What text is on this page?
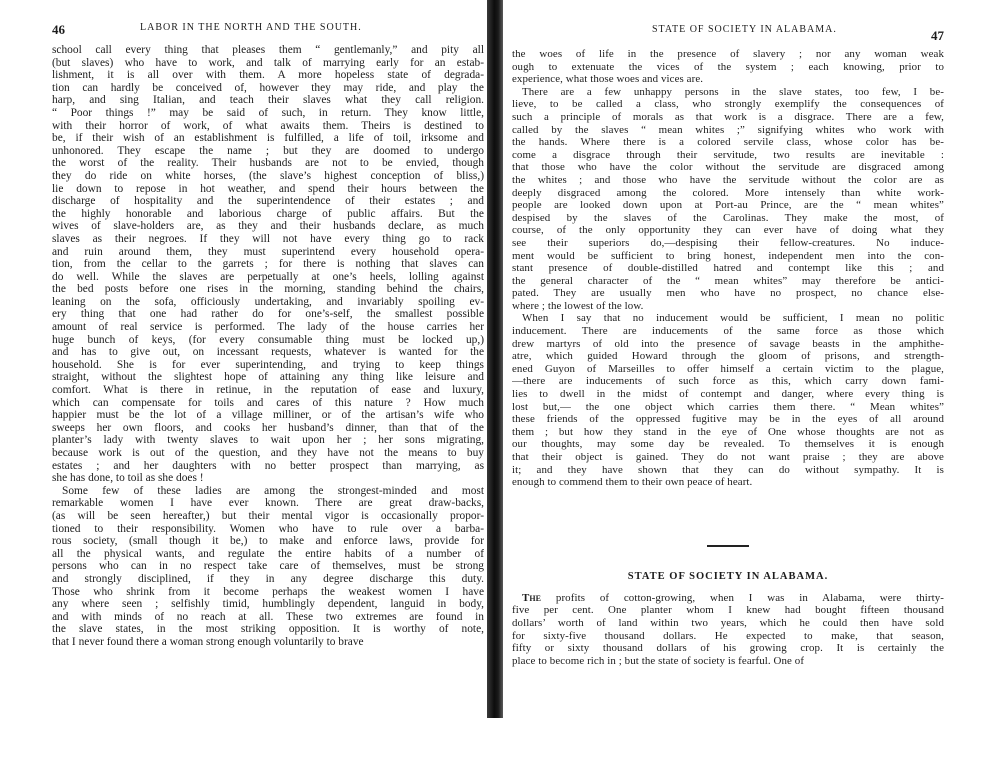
46	LABOR IN THE NORTH AND THE SOUTH.
school call every thing that pleases them “ gentlemanly,” and pity all
(but slaves) who have to work, and talk of marrying early for an estab-
lishment, it is all over with them. A more hopeless state of degrada-
tion can hardly be conceived of, however they may ride, and play the
harp, and sing Italian, and teach their slaves what they call religion.
“ Poor things !” may be said of such, in return. They know little,
with their horror of work, of what awaits them. Theirs is destined to
be, if their wish of an establishment is fulfilled, a life of toil, irksome and
unhonored. They escape the name ; but they are doomed to undergo
the worst of the reality. Their husbands are not to be envied, though
they do ride on white horses, (the slave’s highest conception of bliss,)
lie down to repose in hot weather, and spend their hours between the
discharge of hospitality and the superintendence of their estates ; and
the highly honorable and laborious charge of public affairs. But the
wives of slave-holders are, as they and their husbands declare, as much
slaves as their negroes. If they will not have every thing go to rack
and ruin around them, they must superintend every household opera-
tion, from the cellar to the garrets ; for there is nothing that slaves can
do well. While the slaves are perpetually at one’s heels, lolling against
the bed posts before one rises in the morning, standing behind the chairs,
leaning on the sofa, officiously undertaking, and invariably spoiling ev-
ery thing that one had rather do for one’s-self, the smallest possible
amount of real service is performed. The lady of the house carries her
huge bunch of keys, (for every consumable thing must be locked up,)
and has to give out, on incessant requests, whatever is wanted for the
household. She is for ever superintending, and trying to keep things
straight, without the slightest hope of attaining any thing like leisure and
comfort. What is there in retinue, in the reputation of ease and luxury,
which can compensate for toils and cares of this nature ? How much
happier must be the lot of a village milliner, or of the artisan’s wife who
sweeps her own floors, and cooks her husband’s dinner, than that of the
planter’s lady with twenty slaves to wait upon her ; her sons migrating,
because work is out of the question, and they have not the means to buy
estates ; and her daughters with no better prospect than marrying, as
she has done, to toil as she does !
Some few of these ladies are among the strongest-minded and most
remarkable women I have ever known. There are great draw-backs,
(as will be seen hereafter,) but their mental vigor is occasionally propor-
tioned to their responsibility. Women who have to rule over a barba-
rous society, (small though it be,) to make and enforce laws, provide for
all the physical wants, and regulate the entire habits of a number of
persons who can in no respect take care of themselves, must be strong
and strongly disciplined, if they in any degree discharge this duty.
Those who shrink from it become perhaps the weakest women I have
any where seen ; selfishly timid, humblingly dependent, languid in body,
and with minds of no reach at all. These two extremes are found in
the slave states, in the most striking opposition. It is worthy of note,
that I never found there a woman strong enough voluntarily to brave
STATE OF SOCIETY IN ALABAMA.	47
the woes of life in the presence of slavery ; nor any woman weak
ough to extenuate the vices of the system ; each knowing, prior to
experience, what those woes and vices are.
There are a few unhappy persons in the slave states, too few, I be-
lieve, to be called a class, who strongly exemplify the consequences of
such a principle of morals as that work is a disgrace. There are a few,
called by the slaves “ mean whites ;” signifying whites who work with
the hands. Where there is a colored servile class, whose color has be-
come a disgrace through their servitude, two results are inevitable :
that those who have the color without the servitude are disgraced among
the whites ; and those who have the servitude without the color are as
deeply disgraced among the colored. More intensely than white work-
people are looked down upon at Port-au Prince, are the “ mean whites”
despised by the slaves of the Carolinas. They make the most, of
course, of the only opportunity they can ever have of doing what they
see their superiors do,—despising their fellow-creatures. No induce-
ment would be sufficient to bring honest, independent men into the con-
stant presence of double-distilled hatred and contempt like this ; and
the general character of the “ mean whites” may therefore be antici-
pated. They are usually men who have no prospect, no chance else-
where ; the lowest of the low.
When I say that no inducement would be sufficient, I mean no politic
inducement. There are inducements of the same force as those which
drew martyrs of old into the presence of savage beasts in the amphithe-
atre, which guided Howard through the gloom of prisons, and strength-
ened Guyon of Marseilles to offer himself a certain victim to the plague,
—there are inducements of such force as this, which carry down fami-
lies to dwell in the midst of contempt and danger, where every thing is
lost but,— the one object which carries them there. “ Mean whites”
these friends of the oppressed fugitive may be in the eyes of all around
them ; but how they stand in the eye of One whose thoughts are not as
our thoughts, may some day be revealed. To themselves it is enough
that their object is gained. They do not want praise ; they are above
it; and they have shown that they can do without sympathy. It is
enough to commend them to their own peace of heart.
STATE OF SOCIETY IN ALABAMA.
The profits of cotton-growing, when I was in Alabama, were thirty-
five per cent. One planter whom I knew had bought fifteen thousand
dollars’ worth of land within two years, which he could then have sold
for sixty-five thousand dollars. He expected to make, that season,
fifty or sixty thousand dollars of his growing crop. It is certainly the
place to become rich in ; but the state of society is fearful. One of
